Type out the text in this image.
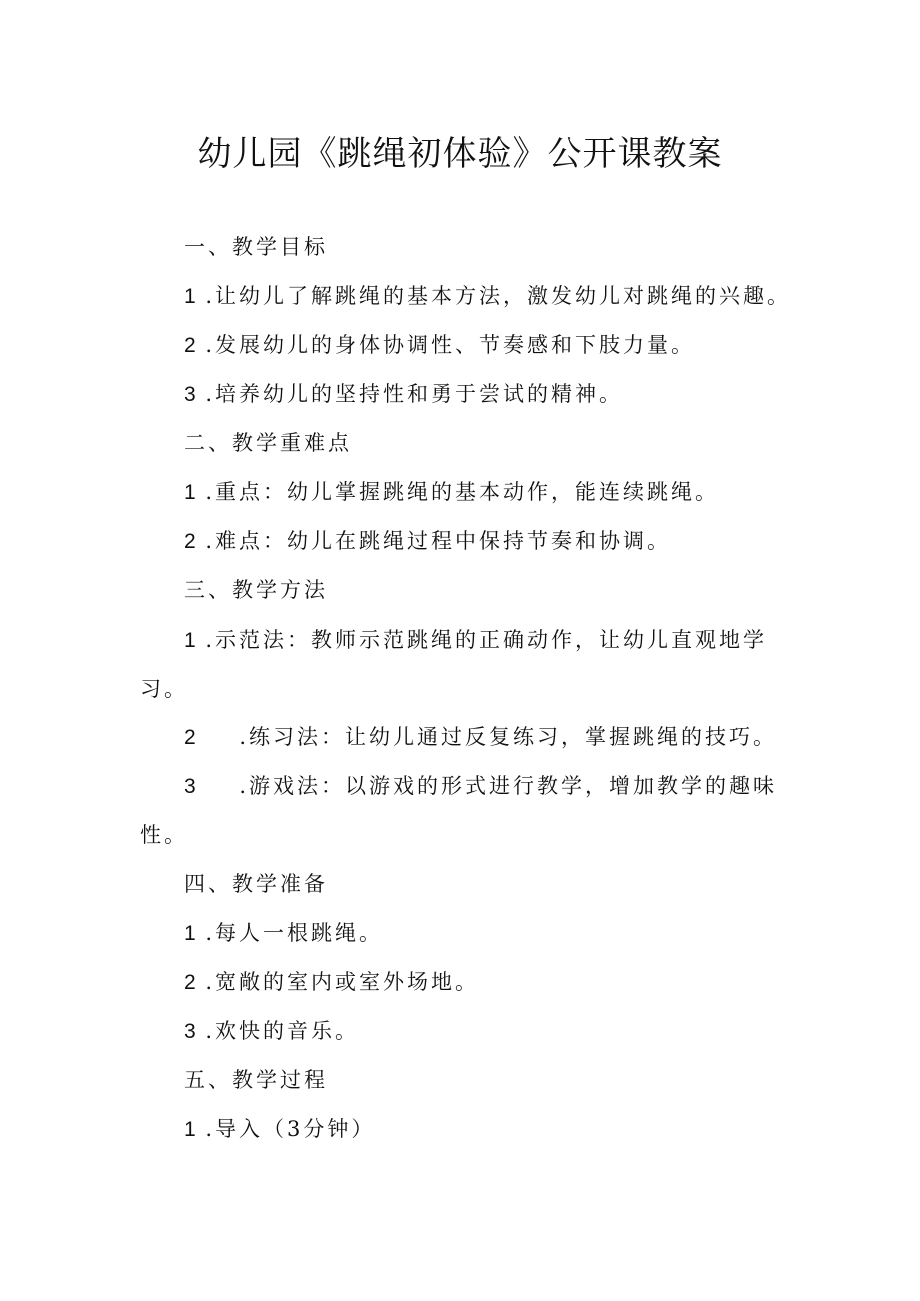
幼儿园《跳绳初体验》公开课教案
一、教学目标
1 .让幼儿了解跳绳的基本方法，激发幼儿对跳绳的兴趣。
2 .发展幼儿的身体协调性、节奏感和下肢力量。
3 .培养幼儿的坚持性和勇于尝试的精神。
二、教学重难点
1 .重点：幼儿掌握跳绳的基本动作，能连续跳绳。
2 .难点：幼儿在跳绳过程中保持节奏和协调。
三、教学方法
1 .示范法：教师示范跳绳的正确动作，让幼儿直观地学
习。
2 .练习法：让幼儿通过反复练习，掌握跳绳的技巧。
3 .游戏法：以游戏的形式进行教学，增加教学的趣味
性。
四、教学准备
1 .每人一根跳绳。
2 .宽敞的室内或室外场地。
3 .欢快的音乐。
五、教学过程
1 .导入（3分钟）
